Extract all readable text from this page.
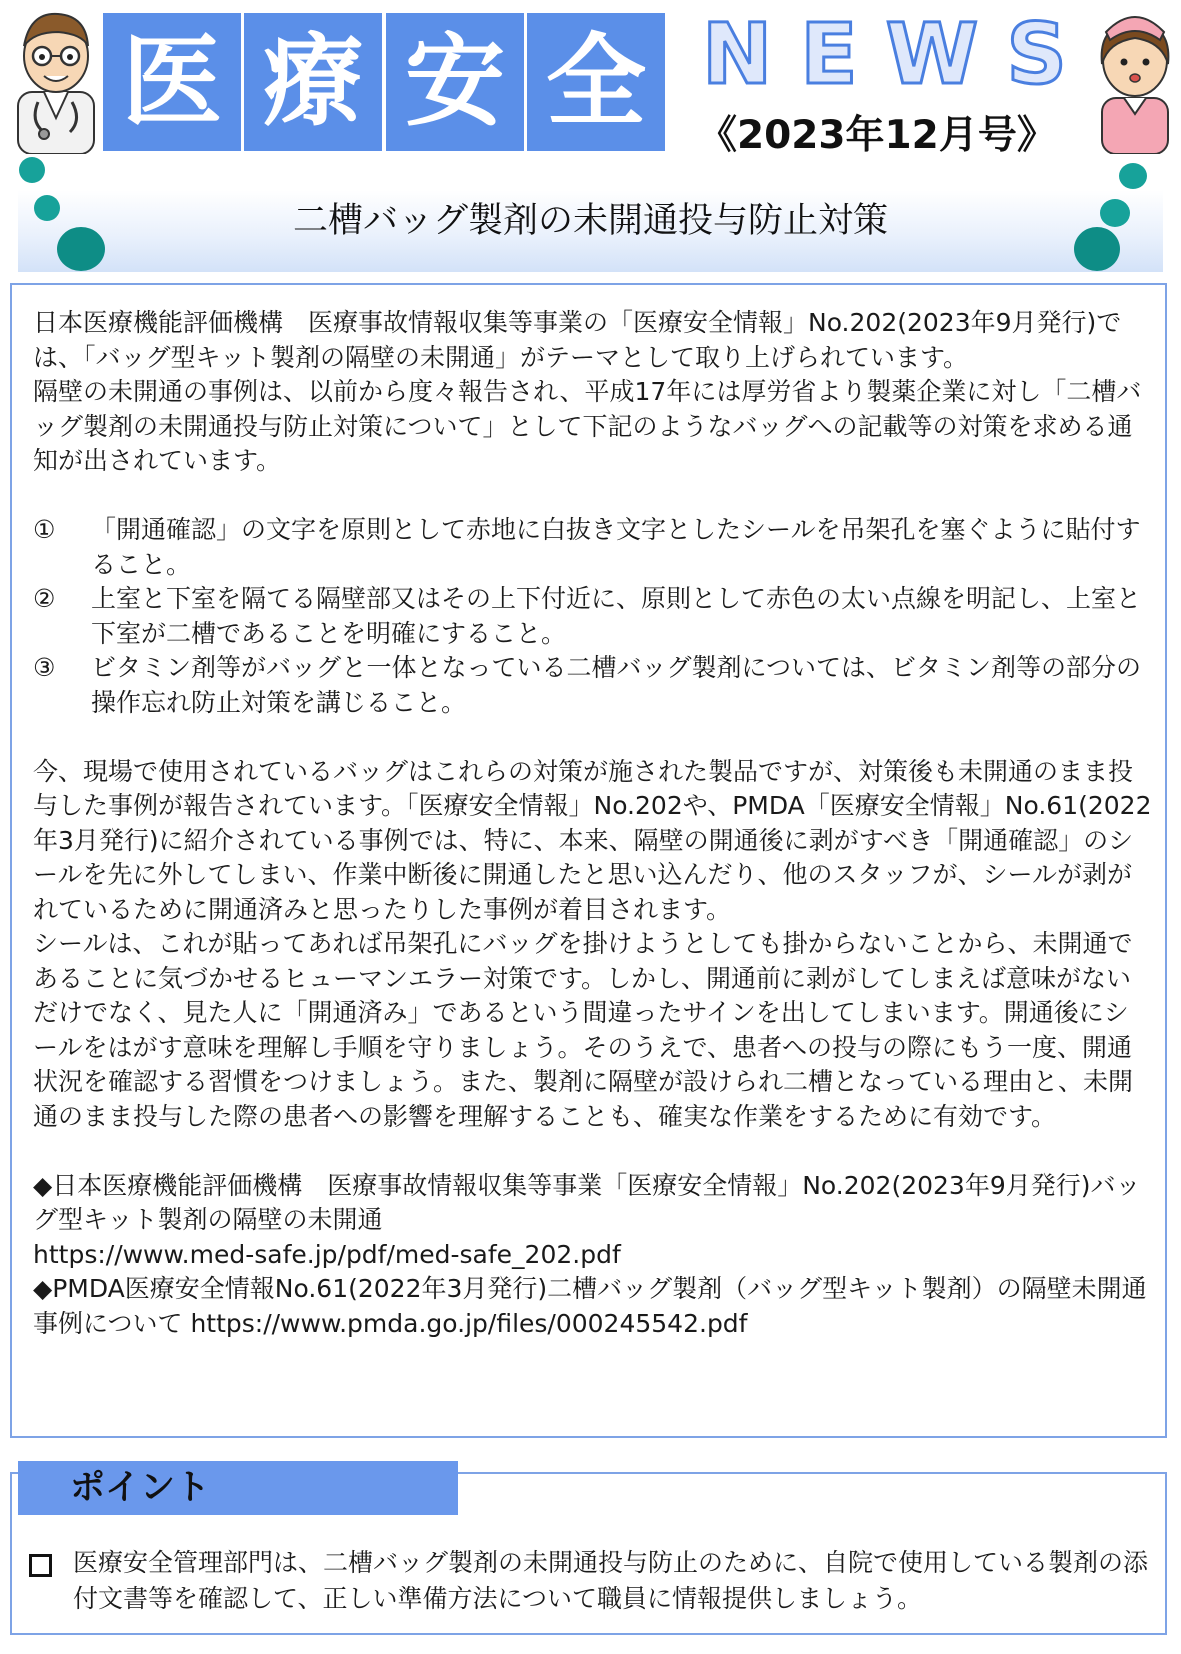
医 療 安 全 NEWS
《2023年12月号》
二槽バッグ製剤の未開通投与防止対策

日本医療機能評価機構　医療事故情報収集等事業の「医療安全情報」No.202(2023年9月発行)では、「バッグ型キット製剤の隔壁の未開通」がテーマとして取り上げられています。

隔壁の未開通の事例は、以前から度々報告され、平成17年には厚労省より製薬企業に対し「二槽バッグ製剤の未開通投与防止対策について」として下記のようなバッグへの記載等の対策を求める通知が出されています。

① 「開通確認」の文字を原則として赤地に白抜き文字としたシールを吊架孔を塞ぐように貼付すること。

② 上室と下室を隔てる隔壁部又はその上下付近に、原則として赤色の太い点線を明記し、上室と下室が二槽であることを明確にすること。

③ ビタミン剤等がバッグと一体となっている二槽バッグ製剤については、ビタミン剤等の部分の操作忘れ防止対策を講じること。

今、現場で使用されているバッグはこれらの対策が施された製品ですが、対策後も未開通のまま投与した事例が報告されています。「医療安全情報」No.202や、PMDA「医療安全情報」No.61(2022年3月発行)に紹介されている事例では、特に、本来、隔壁の開通後に剥がすべき「開通確認」のシールを先に外してしまい、作業中断後に開通したと思い込んだり、他のスタッフが、シールが剥がれているために開通済みと思ったりした事例が着目されます。

シールは、これが貼ってあれば吊架孔にバッグを掛けようとしても掛からないことから、未開通であることに気づかせるヒューマンエラー対策です。しかし、開通前に剥がしてしまえば意味がないだけでなく、見た人に「開通済み」であるという間違ったサインを出してしまいます。開通後にシールをはがす意味を理解し手順を守りましょう。そのうえで、患者への投与の際にもう一度、開通状況を確認する習慣をつけましょう。また、製剤に隔壁が設けられ二槽となっている理由と、未開通のまま投与した際の患者への影響を理解することも、確実な作業をするために有効です。

◆日本医療機能評価機構　医療事故情報収集等事業「医療安全情報」No.202(2023年9月発行)バッグ型キット製剤の隔壁の未開通

https://www.med-safe.jp/pdf/med-safe_202.pdf

◆PMDA医療安全情報No.61(2022年3月発行)二槽バッグ製剤（バッグ型キット製剤）の隔壁未開通事例について https://www.pmda.go.jp/files/000245542.pdf

ポイント
医療安全管理部門は、二槽バッグ製剤の未開通投与防止のために、自院で使用している製剤の添付文書等を確認して、正しい準備方法について職員に情報提供しましょう。
